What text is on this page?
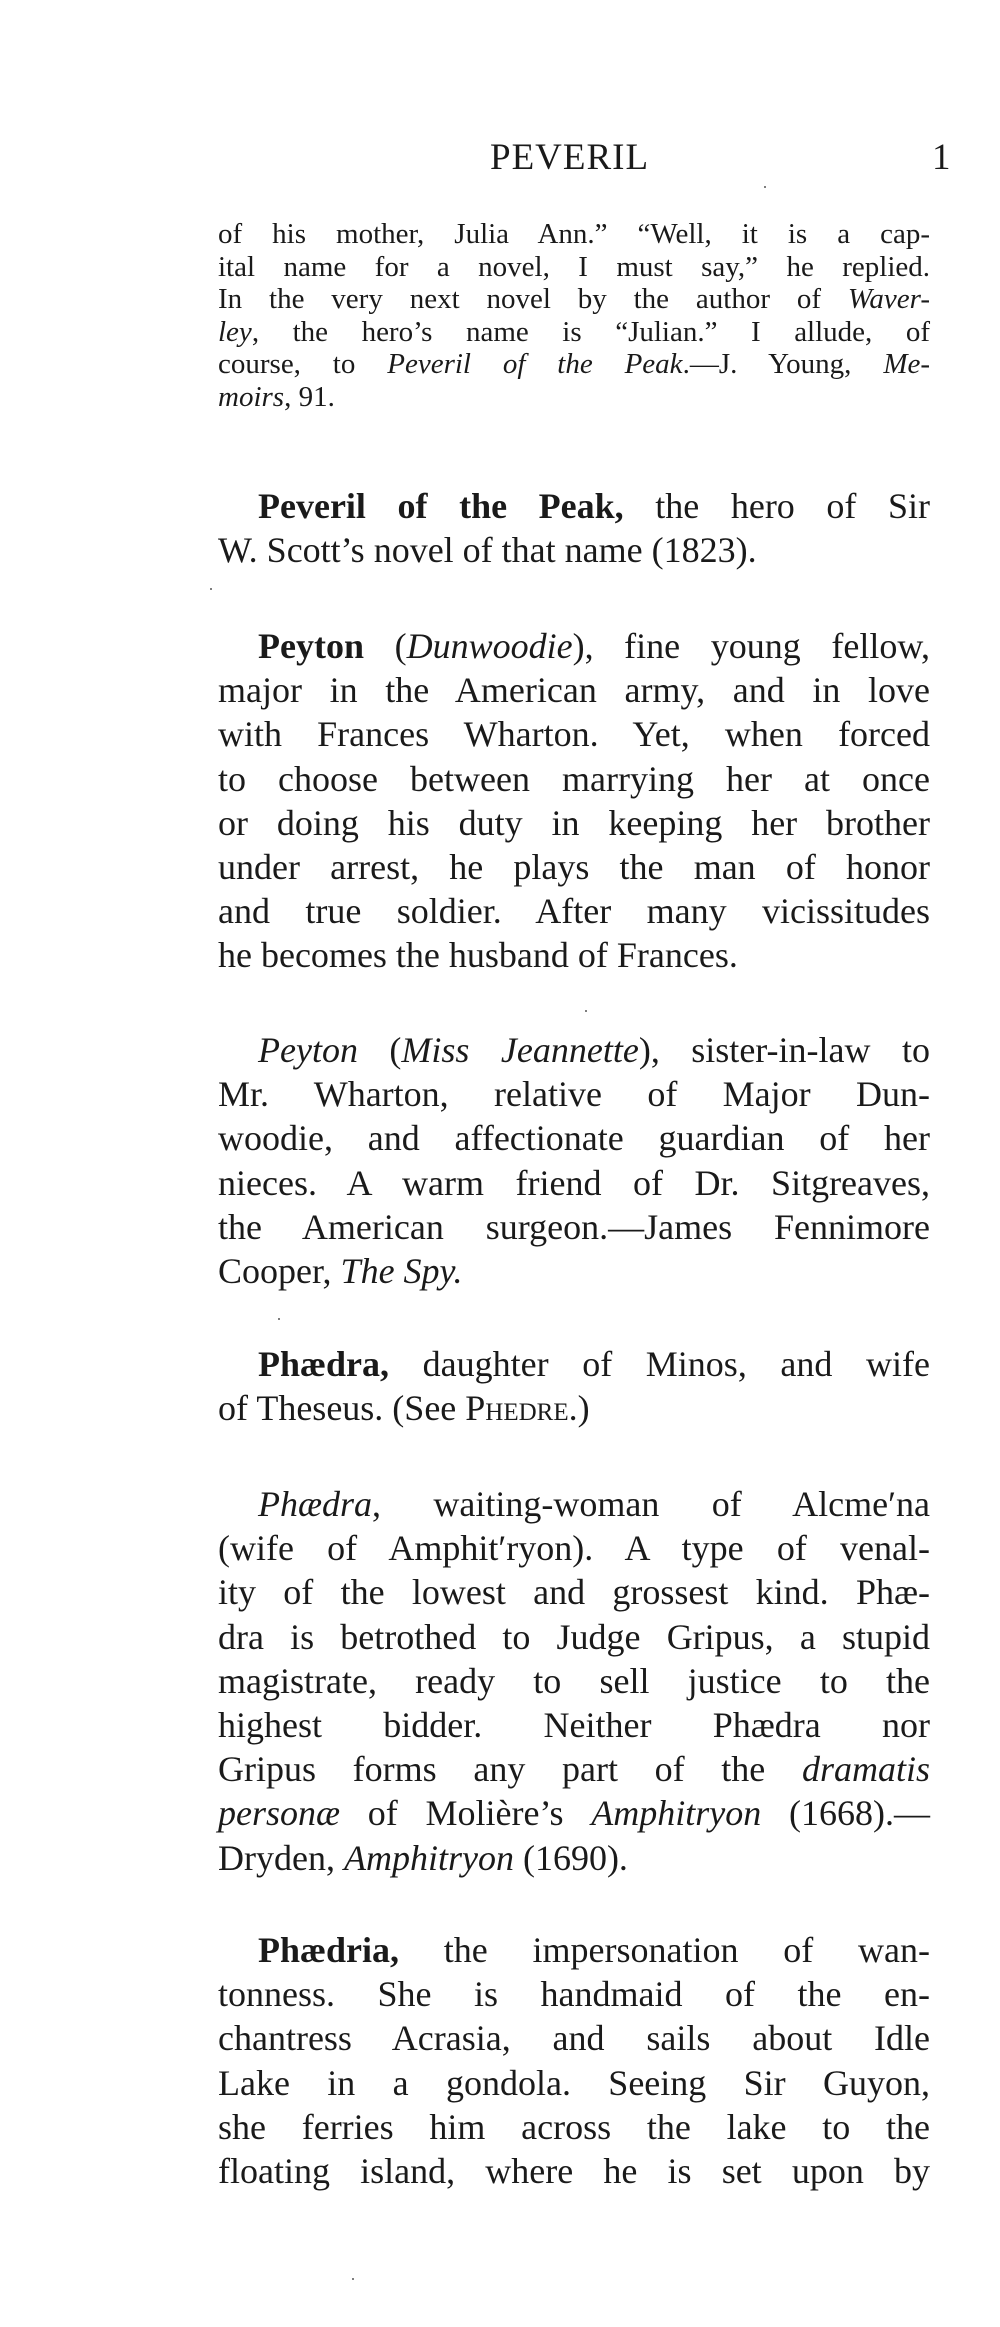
PEVERIL	1

of his mother, Julia Ann.” “Well, it is a cap-
ital name for a novel, I must say,” he replied.
In the very next novel by the author of Waver-
ley, the hero’s name is “Julian.” I allude, of
course, to Peveril of the Peak.—J. Young, Me-
moirs, 91.

Peveril of the Peak, the hero of Sir
W. Scott’s novel of that name (1823).

Peyton (Dunwoodie), fine young fellow,
major in the American army, and in love
with Frances Wharton. Yet, when forced
to choose between marrying her at once
or doing his duty in keeping her brother
under arrest, he plays the man of honor
and true soldier. After many vicissitudes
he becomes the husband of Frances.

Peyton (Miss Jeannette), sister-in-law to
Mr. Wharton, relative of Major Dun-
woodie, and affectionate guardian of her
nieces. A warm friend of Dr. Sitgreaves,
the American surgeon.—James Fennimore
Cooper, The Spy.

Phædra, daughter of Minos, and wife
of Theseus. (See Phedre.)

Phædra, waiting-woman of Alcme′na
(wife of Amphit′ryon). A type of venal-
ity of the lowest and grossest kind. Phæ-
dra is betrothed to Judge Gripus, a stupid
magistrate, ready to sell justice to the
highest bidder. Neither Phædra nor
Gripus forms any part of the dramatis
personæ of Molière’s Amphitryon (1668).—
Dryden, Amphitryon (1690).

Phædria, the impersonation of wan-
tonness. She is handmaid of the en-
chantress Acrasia, and sails about Idle
Lake in a gondola. Seeing Sir Guyon,
she ferries him across the lake to the
floating island, where he is set upon by
